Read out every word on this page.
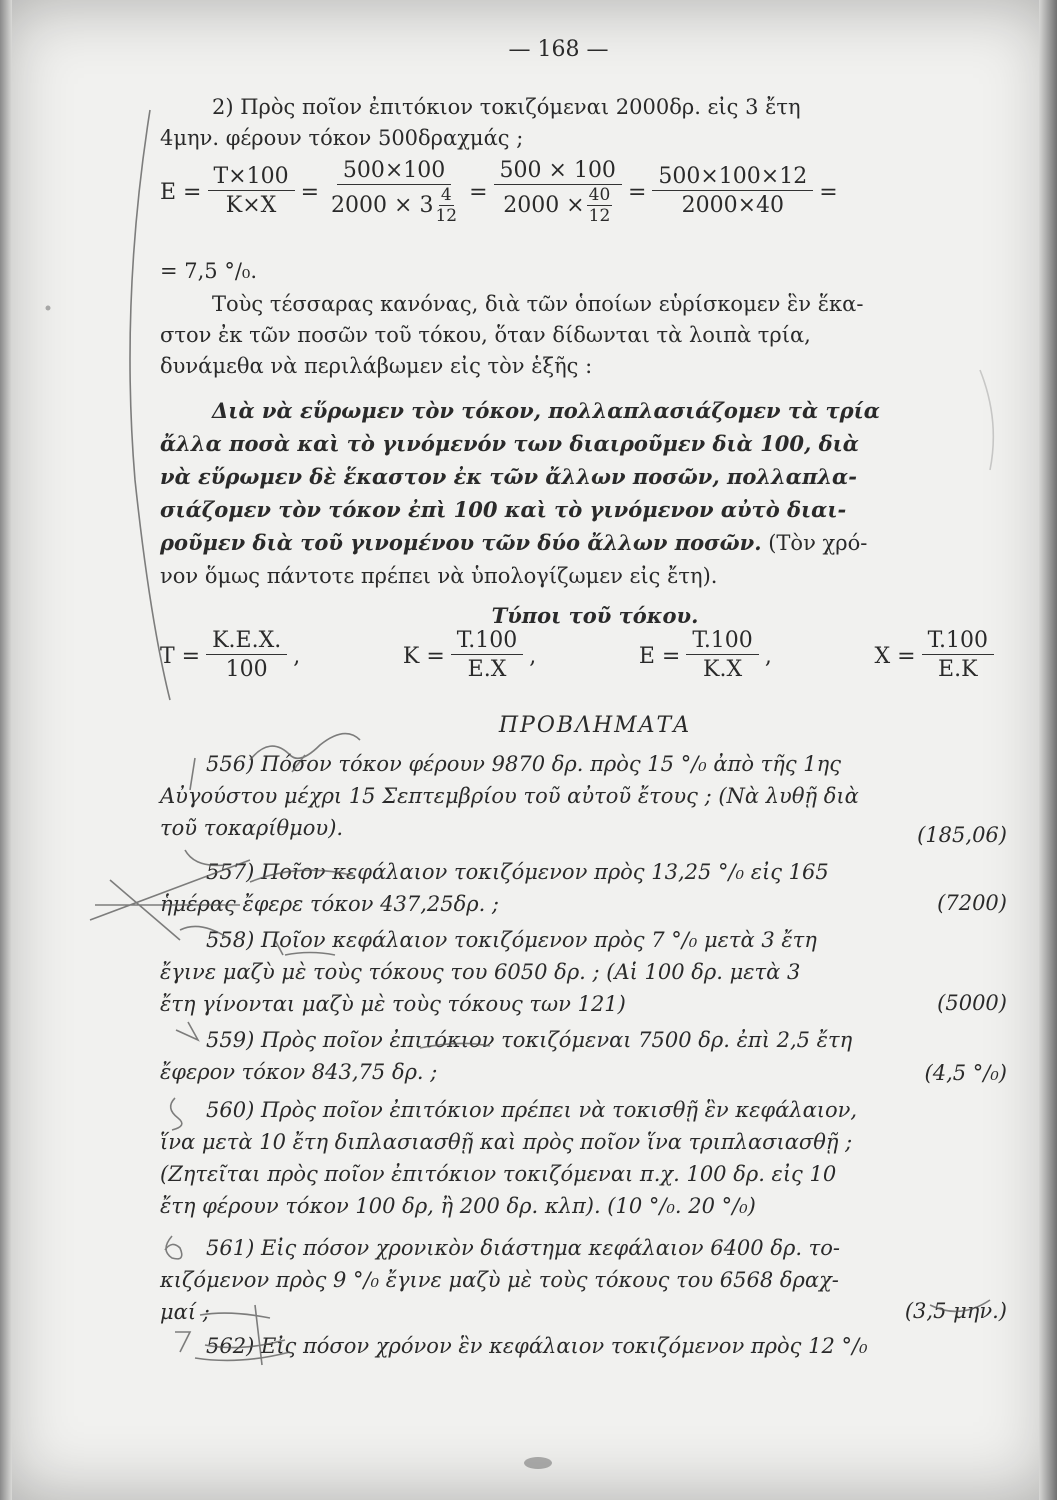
— 168 —
2) Πρὸς ποῖον ἐπιτόκιον τοκιζόμεναι 2000δρ. εἰς 3 ἔτη
4μην. φέρουν τόκον 500δραχμάς ;
$E = \frac{T\times 100}{K\times X} = \frac{500\times 100}{2000 \times 3 \frac{4}{12}} = \frac{500 \times 100}{2000 \times \frac{40}{12}} = \frac{500\times 100\times 12}{2000\times 40}$ =
= 7,5 °/₀.
Τοὺς τέσσαρας κανόνας, διὰ τῶν ὁποίων εὑρίσκομεν ἓν ἕκα-
στον ἐκ τῶν ποσῶν τοῦ τόκου, ὅταν δίδωνται τὰ λοιπὰ τρία,
δυνάμεθα νὰ περιλάβωμεν εἰς τὸν ἑξῆς :
Διὰ νὰ εὕρωμεν τὸν τόκον, πολλαπλασιάζομεν τὰ τρία
ἄλλα ποσὰ καὶ τὸ γινόμενόν των διαιροῦμεν διὰ 100, διὰ
νὰ εὕρωμεν δὲ ἕκαστον ἐκ τῶν ἄλλων ποσῶν, πολλαπλα-
σιάζομεν τὸν τόκον ἐπὶ 100 καὶ τὸ γινόμενον αὐτὸ διαι-
ροῦμεν διὰ τοῦ γινομένου τῶν δύο ἄλλων ποσῶν. (Τὸν χρό-
νον ὅμως πάντοτε πρέπει νὰ ὑπολογίζωμεν εἰς ἔτη).
Τύποι τοῦ τόκου.
$T = \frac{K.E.X.}{100}$ ,	$K = \frac{T.100}{E.X}$ ,	$E = \frac{T.100}{K.X}$ ,	$X = \frac{T.100}{E.K}$
ΠΡΟΒΛΗΜΑΤΑ
556) Πόσον τόκον φέρουν 9870 δρ. πρὸς 15 °/₀ ἀπὸ τῆς 1ης
Αὐγούστου μέχρι 15 Σεπτεμβρίου τοῦ αὐτοῦ ἔτους ; (Νὰ λυθῇ διὰ
τοῦ τοκαρίθμου).	(185,06)
557) Ποῖον κεφάλαιον τοκιζόμενον πρὸς 13,25 °/₀ εἰς 165
ἡμέρας ἔφερε τόκον 437,25δρ. ;	(7200)
558) Ποῖον κεφάλαιον τοκιζόμενον πρὸς 7 °/₀ μετὰ 3 ἔτη
ἔγινε μαζὺ μὲ τοὺς τόκους του 6050 δρ. ; (Αἱ 100 δρ. μετὰ 3
ἔτη γίνονται μαζὺ μὲ τοὺς τόκους των 121)	(5000)
559) Πρὸς ποῖον ἐπιτόκιον τοκιζόμεναι 7500 δρ. ἐπὶ 2,5 ἔτη
ἔφερον τόκον 843,75 δρ. ;	(4,5 °/₀)
560) Πρὸς ποῖον ἐπιτόκιον πρέπει νὰ τοκισθῇ ἓν κεφάλαιον,
ἵνα μετὰ 10 ἔτη διπλασιασθῇ καὶ πρὸς ποῖον ἵνα τριπλασιασθῇ ;
(Ζητεῖται πρὸς ποῖον ἐπιτόκιον τοκιζόμεναι π.χ. 100 δρ. εἰς 10
ἔτη φέρουν τόκον 100 δρ, ἢ 200 δρ. κλπ). (10 °/₀. 20 °/₀)
561) Εἰς πόσον χρονικὸν διάστημα κεφάλαιον 6400 δρ. το-
κιζόμενον πρὸς 9 °/₀ ἔγινε μαζὺ μὲ τοὺς τόκους του 6568 δραχ-
μαί ;	(3,5 μην.)
562) Εἰς πόσον χρόνον ἓν κεφάλαιον τοκιζόμενον πρὸς 12 °/₀
